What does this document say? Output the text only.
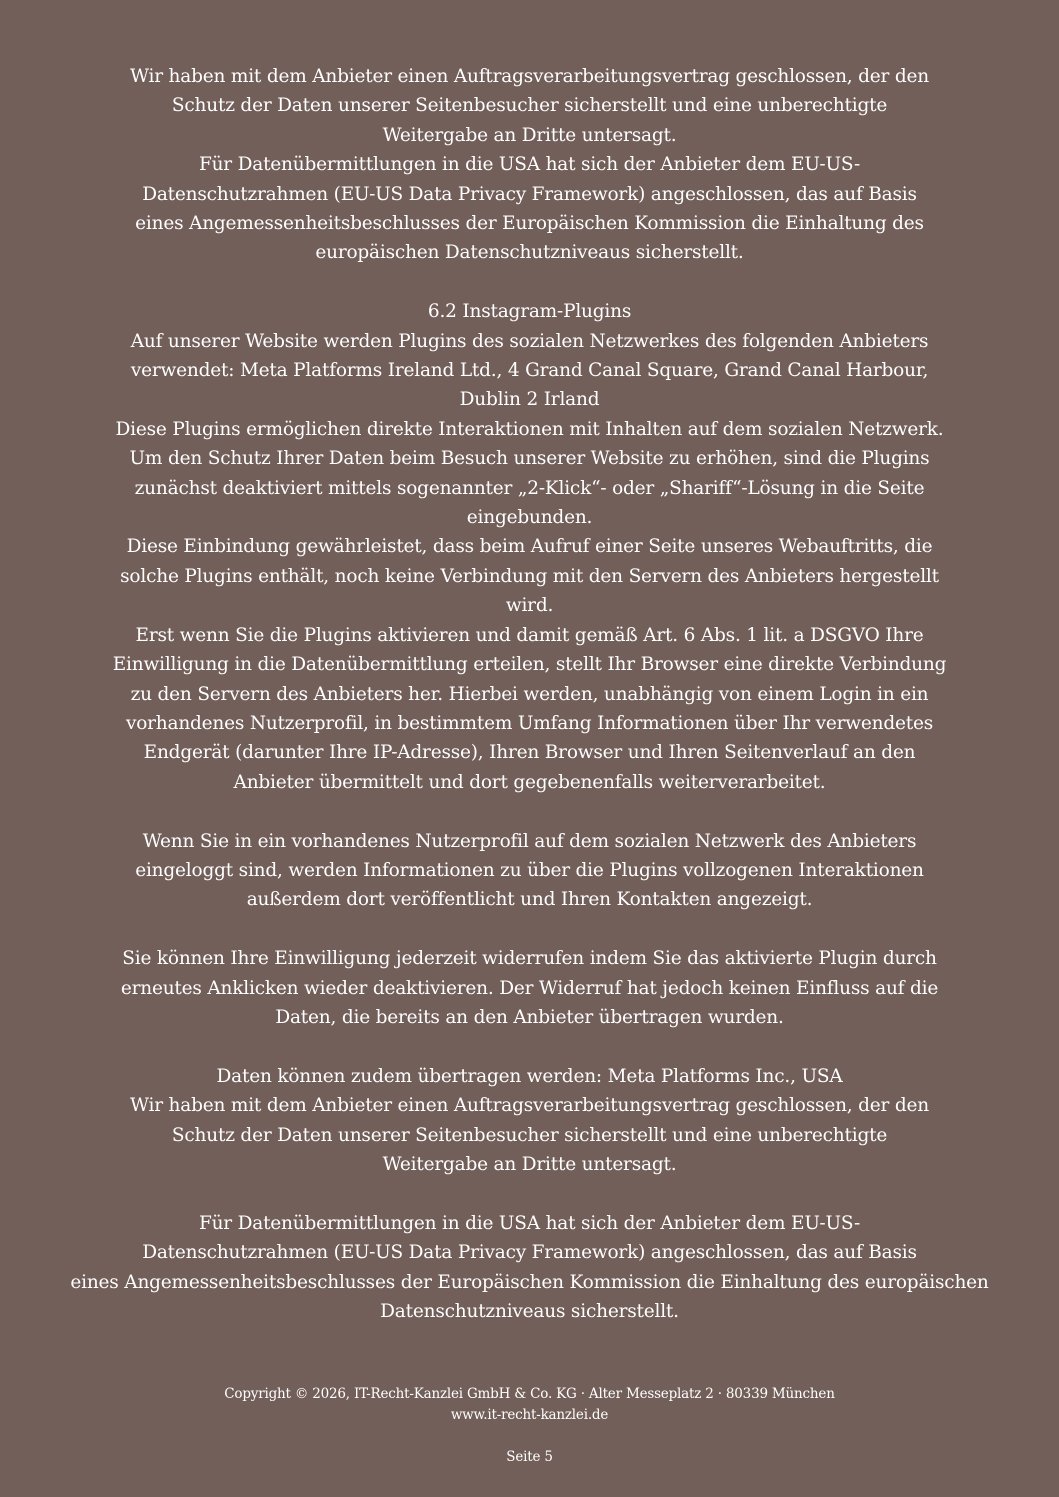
Wir haben mit dem Anbieter einen Auftragsverarbeitungsvertrag geschlossen, der den
Schutz der Daten unserer Seitenbesucher sicherstellt und eine unberechtigte
Weitergabe an Dritte untersagt.
Für Datenübermittlungen in die USA hat sich der Anbieter dem EU-US-
Datenschutzrahmen (EU-US Data Privacy Framework) angeschlossen, das auf Basis
eines Angemessenheitsbeschlusses der Europäischen Kommission die Einhaltung des
europäischen Datenschutzniveaus sicherstellt.
6.2 Instagram-Plugins
Auf unserer Website werden Plugins des sozialen Netzwerkes des folgenden Anbieters
verwendet: Meta Platforms Ireland Ltd., 4 Grand Canal Square, Grand Canal Harbour,
Dublin 2 Irland
Diese Plugins ermöglichen direkte Interaktionen mit Inhalten auf dem sozialen Netzwerk.
Um den Schutz Ihrer Daten beim Besuch unserer Website zu erhöhen, sind die Plugins
zunächst deaktiviert mittels sogenannter „2-Klick“- oder „Shariff“-Lösung in die Seite
eingebunden.
Diese Einbindung gewährleistet, dass beim Aufruf einer Seite unseres Webauftritts, die
solche Plugins enthält, noch keine Verbindung mit den Servern des Anbieters hergestellt
wird.
Erst wenn Sie die Plugins aktivieren und damit gemäß Art. 6 Abs. 1 lit. a DSGVO Ihre
Einwilligung in die Datenübermittlung erteilen, stellt Ihr Browser eine direkte Verbindung
zu den Servern des Anbieters her. Hierbei werden, unabhängig von einem Login in ein
vorhandenes Nutzerprofil, in bestimmtem Umfang Informationen über Ihr verwendetes
Endgerät (darunter Ihre IP-Adresse), Ihren Browser und Ihren Seitenverlauf an den
Anbieter übermittelt und dort gegebenenfalls weiterverarbeitet.
Wenn Sie in ein vorhandenes Nutzerprofil auf dem sozialen Netzwerk des Anbieters
eingeloggt sind, werden Informationen zu über die Plugins vollzogenen Interaktionen
außerdem dort veröffentlicht und Ihren Kontakten angezeigt.
Sie können Ihre Einwilligung jederzeit widerrufen indem Sie das aktivierte Plugin durch
erneutes Anklicken wieder deaktivieren. Der Widerruf hat jedoch keinen Einfluss auf die
Daten, die bereits an den Anbieter übertragen wurden.
Daten können zudem übertragen werden: Meta Platforms Inc., USA
Wir haben mit dem Anbieter einen Auftragsverarbeitungsvertrag geschlossen, der den
Schutz der Daten unserer Seitenbesucher sicherstellt und eine unberechtigte
Weitergabe an Dritte untersagt.
Für Datenübermittlungen in die USA hat sich der Anbieter dem EU-US-
Datenschutzrahmen (EU-US Data Privacy Framework) angeschlossen, das auf Basis
eines Angemessenheitsbeschlusses der Europäischen Kommission die Einhaltung des europäischen
Datenschutzniveaus sicherstellt.
Copyright © 2026, IT-Recht-Kanzlei GmbH & Co. KG · Alter Messeplatz 2 · 80339 München
www.it-recht-kanzlei.de
Seite 5
